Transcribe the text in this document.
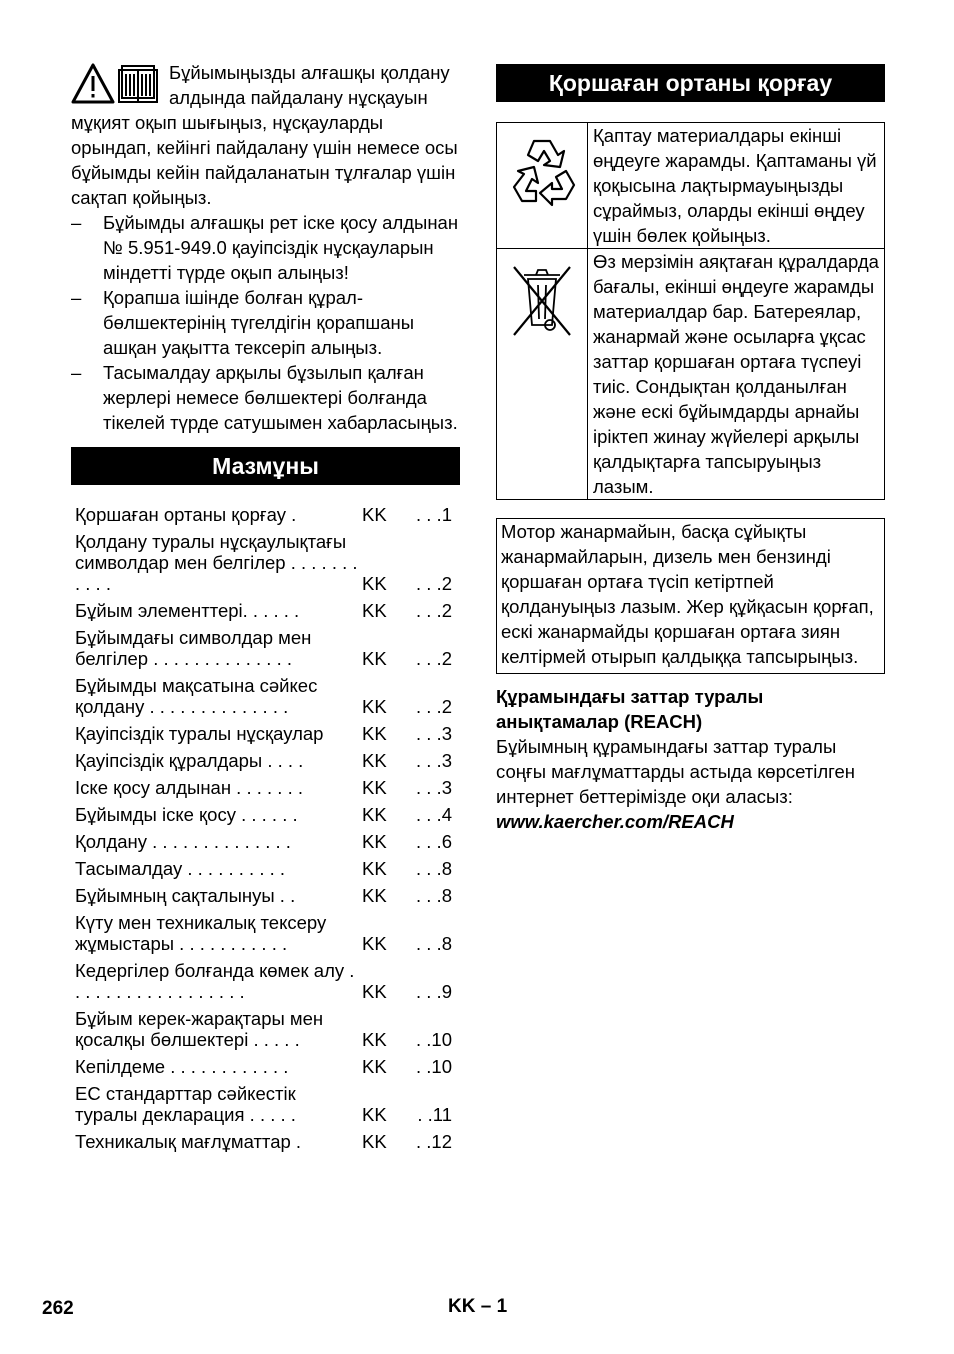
Бұйымыңызды алғашқы қолдану алдында пайдалану нұсқауын мұқият оқып шығыңыз, нұсқауларды орындап, кейінгі пайдалану үшін немесе осы бұйымды кейін пайдаланатын тұлғалар үшін сақтап қойыңыз.

– Бұйымды алғашқы рет іске қосу алдынан № 5.951-949.0 қауіпсіздік нұсқауларын міндетті түрде оқып алыңыз!
– Қорапша ішінде болған құрал-бөлшектерінің түгелдігін қорапшаны ашқан уақытта тексеріп алыңыз.
– Тасымалдау арқылы бұзылып қалған жерлері немесе бөлшектері болғанда тікелей түрде сатушымен хабарласыңыз.
Мазмұны
Қоршаған ортаны қорғау .	KK	. . .1
Қолдану туралы нұсқаулықтағы символдар мен белгілер . . . . . . . . . . .	KK	. . .2
Бұйым элементтері. . . . . .	KK	. . .2
Бұйымдағы символдар мен белгілер . . . . . . . . . . . . . .	KK	. . .2
Бұйымды мақсатына сәйкес қолдану . . . . . . . . . . . . . .	KK	. . .2
Қауіпсіздік туралы нұсқаулар	KK	. . .3
Қауіпсіздік құралдары . . . .	KK	. . .3
Іске қосу алдынан . . . . . . .	KK	. . .3
Бұйымды іске қосу . . . . . .	KK	. . .4
Қолдану . . . . . . . . . . . . . .	KK	. . .6
Тасымалдау . . . . . . . . . .	KK	. . .8
Бұйымның сақталынуы . .	KK	. . .8
Күту мен техникалық тексеру жұмыстары . . . . . . . . . . .	KK	. . .8
Кедергілер болғанда көмек алу . . . . . . . . . . . . . . . . . .	KK	. . .9
Бұйым керек-жарақтары мен қосалқы бөлшектері . . . . .	KK	. .10
Кепілдеме . . . . . . . . . . . .	KK	. .10
ЕС стандарттар сәйкестік туралы декларация . . . . .	KK	. .11
Техникалық мағлұматтар .	KK	. .12
Қоршаған ортаны қорғау
	Қаптау материалдары екінші өңдеуге жарамды. Қаптаманы үй қоқысына лақтырмауыңызды сұраймыз, оларды екінші өңдеу үшін бөлек қойыңыз.
	Өз мерзімін аяқтаған құралдарда бағалы, екінші өңдеуге жарамды материалдар бар. Батереялар, жанармай және осыларға ұқсас заттар қоршаған ортаға түспеуі тиіс. Сондықтан қолданылған және ескі бұйымдарды арнайы іріктеп жинау жүйелері арқылы қалдықтарға тапсыруыңыз лазым.
Мотор жанармайын, басқа сұйықты жанармайларын, дизель мен бензинді қоршаған ортаға түсіп кетіртпей қолдануыңыз лазым. Жер құйқасын қорғап, ескі жанармайды қоршаған ортаға зиян келтірмей отырып қалдыққа тапсырыңыз.

Құрамындағы заттар туралы анықтамалар (REACH)

Бұйымның құрамындағы заттар туралы соңғы мағлұматтарды астыда көрсетілген интернет беттерімізде оқи аласыз:

www.kaercher.com/REACH

262	KK – 1
